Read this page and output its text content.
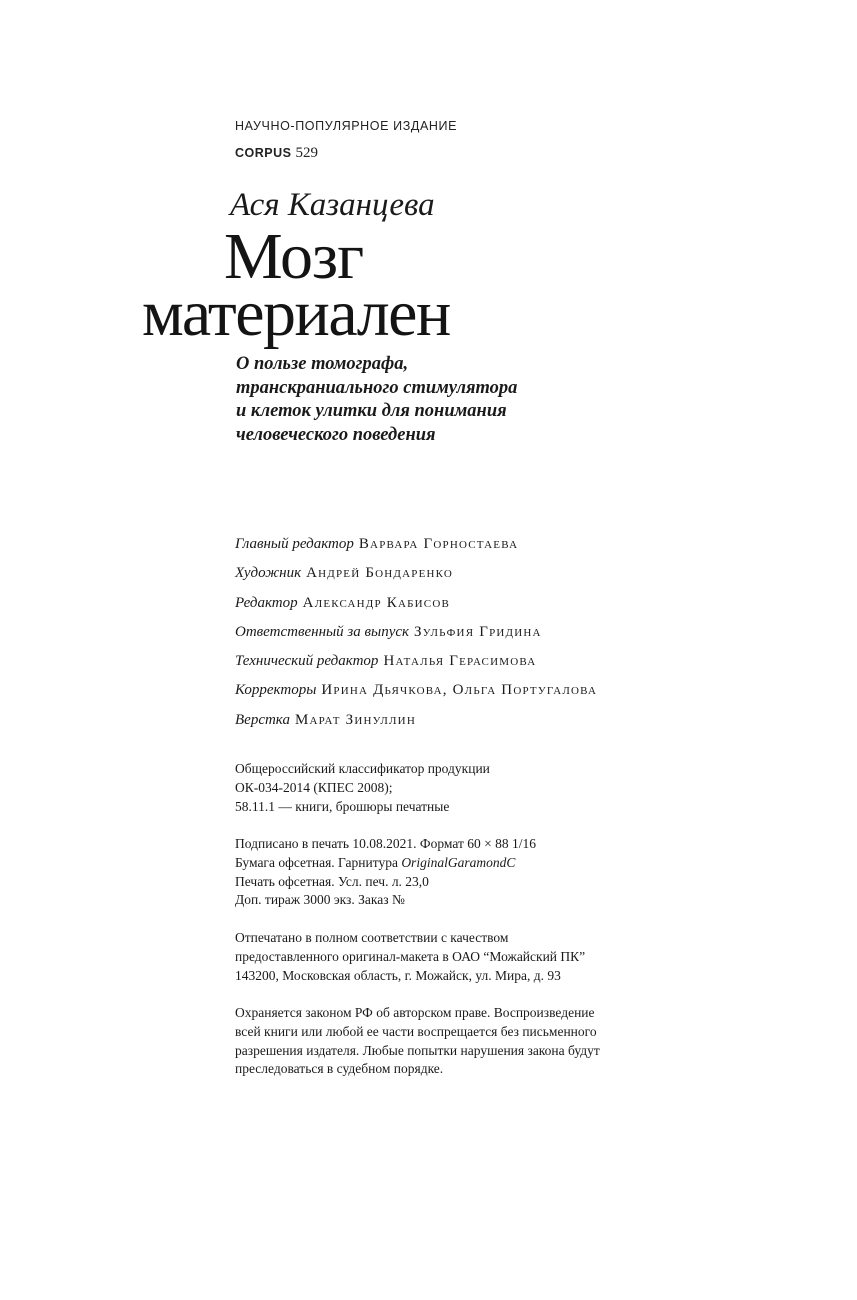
НАУЧНО-ПОПУЛЯРНОЕ ИЗДАНИЕ
CORPUS 529
Ася Казанцева
Мозг
материален
О пользе томографа,
транскраниального стимулятора
и клеток улитки для понимания
человеческого поведения
Главный редактор Варвара Горностаева
Художник Андрей Бондаренко
Редактор Александр Кабисов
Ответственный за выпуск Зульфия Гридина
Технический редактор Наталья Герасимова
Корректоры Ирина Дьячкова, Ольга Португалова
Верстка Марат Зинуллин
Общероссийский классификатор продукции
ОК-034-2014 (КПЕС 2008);
58.11.1 — книги, брошюры печатные
Подписано в печать 10.08.2021. Формат 60 × 88 1/16
Бумага офсетная. Гарнитура OriginalGaramondC
Печать офсетная. Усл. печ. л. 23,0
Доп. тираж 3000 экз. Заказ №
Отпечатано в полном соответствии с качеством
предоставленного оригинал-макета в ОАО “Можайский ПК”
143200, Московская область, г. Можайск, ул. Мира, д. 93
Охраняется законом РФ об авторском праве. Воспроизведение
всей книги или любой ее части воспрещается без письменного
разрешения издателя. Любые попытки нарушения закона будут
преследоваться в судебном порядке.
